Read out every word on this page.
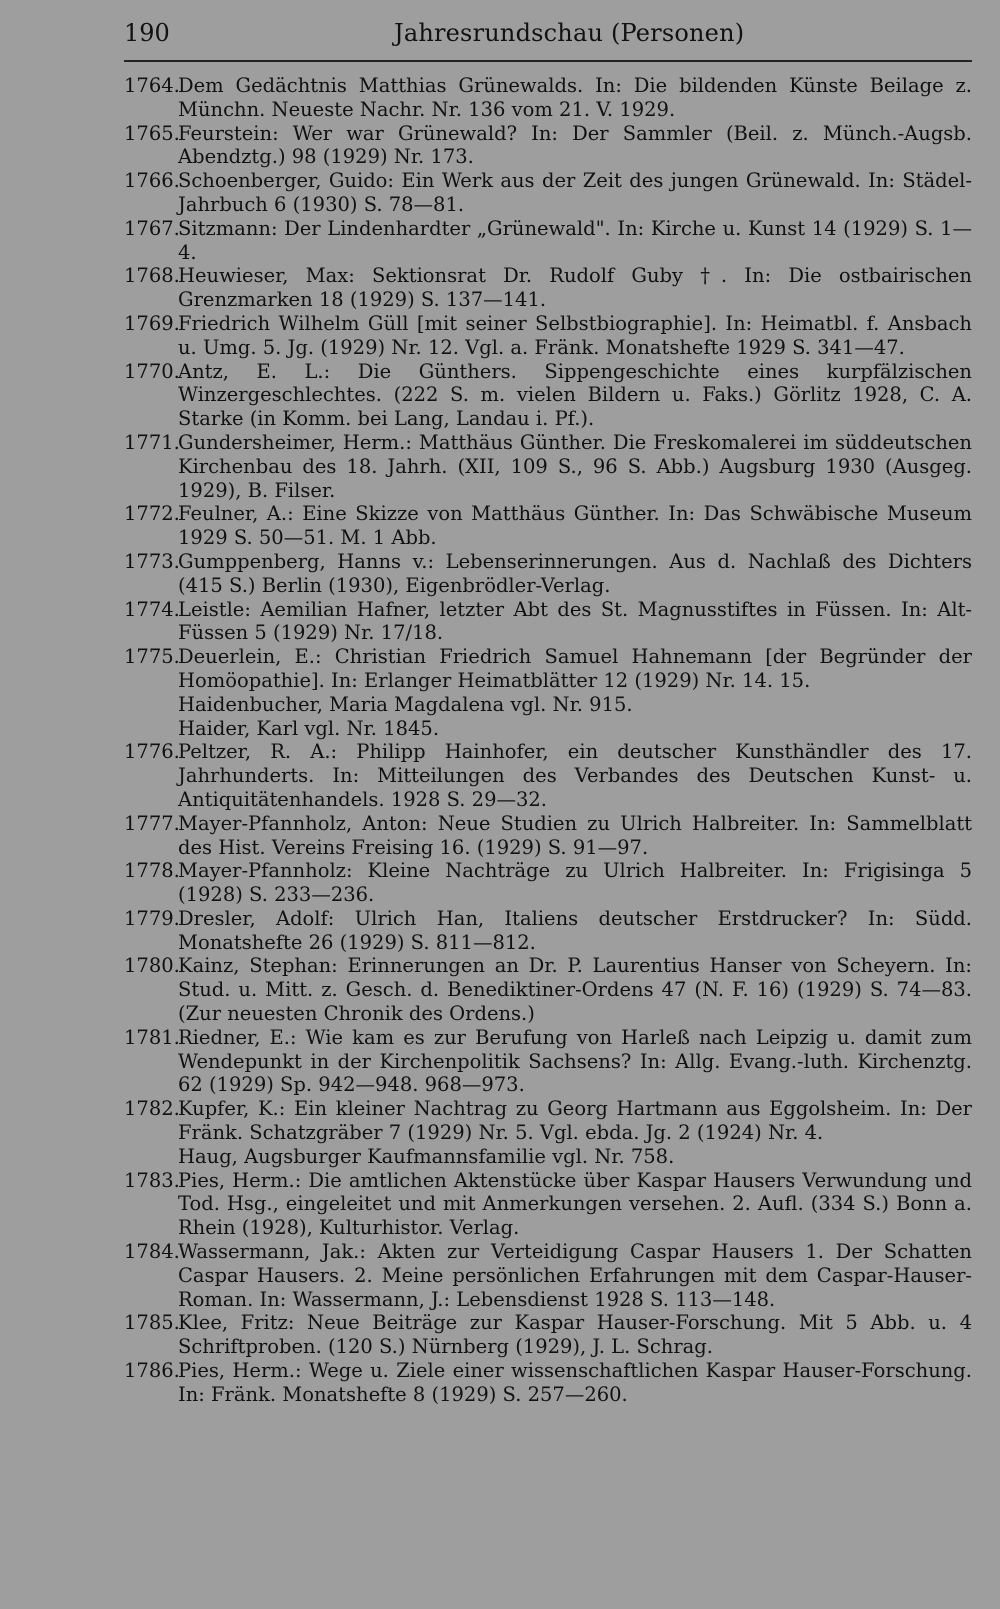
190	Jahresrundschau (Personen)
1764.
Dem Gedächtnis Matthias Grünewalds. In: Die bildenden Künste Beilage z. Münchn. Neueste Nachr. Nr. 136 vom 21. V. 1929.
1765.
Feurstein: Wer war Grünewald? In: Der Sammler (Beil. z. Münch.-Augsb. Abendztg.) 98 (1929) Nr. 173.
1766.
Schoenberger, Guido: Ein Werk aus der Zeit des jungen Grünewald. In: Städel-Jahrbuch 6 (1930) S. 78—81.
1767.
Sitzmann: Der Lindenhardter „Grünewald". In: Kirche u. Kunst 14 (1929) S. 1—4.
1768.
Heuwieser, Max: Sektionsrat Dr. Rudolf Guby †. In: Die ostbairischen Grenzmarken 18 (1929) S. 137—141.
1769.
Friedrich Wilhelm Güll [mit seiner Selbstbiographie]. In: Heimatbl. f. Ansbach u. Umg. 5. Jg. (1929) Nr. 12. Vgl. a. Fränk. Monatshefte 1929 S. 341—47.
1770.
Antz, E. L.: Die Günthers. Sippengeschichte eines kurpfälzischen Winzergeschlechtes. (222 S. m. vielen Bildern u. Faks.) Görlitz 1928, C. A. Starke (in Komm. bei Lang, Landau i. Pf.).
1771.
Gundersheimer, Herm.: Matthäus Günther. Die Freskomalerei im süddeutschen Kirchenbau des 18. Jahrh. (XII, 109 S., 96 S. Abb.) Augsburg 1930 (Ausgeg. 1929), B. Filser.
1772.
Feulner, A.: Eine Skizze von Matthäus Günther. In: Das Schwäbische Museum 1929 S. 50—51. M. 1 Abb.
1773.
Gumppenberg, Hanns v.: Lebenserinnerungen. Aus d. Nachlaß des Dichters (415 S.) Berlin (1930), Eigenbrödler-Verlag.
1774.
Leistle: Aemilian Hafner, letzter Abt des St. Magnusstiftes in Füssen. In: Alt-Füssen 5 (1929) Nr. 17/18.
1775.
Deuerlein, E.: Christian Friedrich Samuel Hahnemann [der Begründer der Homöopathie]. In: Erlanger Heimatblätter 12 (1929) Nr. 14. 15.
Haidenbucher, Maria Magdalena vgl. Nr. 915.
Haider, Karl vgl. Nr. 1845.
1776.
Peltzer, R. A.: Philipp Hainhofer, ein deutscher Kunsthändler des 17. Jahrhunderts. In: Mitteilungen des Verbandes des Deutschen Kunst- u. Antiquitätenhandels. 1928 S. 29—32.
1777.
Mayer-Pfannholz, Anton: Neue Studien zu Ulrich Halbreiter. In: Sammelblatt des Hist. Vereins Freising 16. (1929) S. 91—97.
1778.
Mayer-Pfannholz: Kleine Nachträge zu Ulrich Halbreiter. In: Frigisinga 5 (1928) S. 233—236.
1779.
Dresler, Adolf: Ulrich Han, Italiens deutscher Erstdrucker? In: Südd. Monatshefte 26 (1929) S. 811—812.
1780.
Kainz, Stephan: Erinnerungen an Dr. P. Laurentius Hanser von Scheyern. In: Stud. u. Mitt. z. Gesch. d. Benediktiner-Ordens 47 (N. F. 16) (1929) S. 74—83. (Zur neuesten Chronik des Ordens.)
1781.
Riedner, E.: Wie kam es zur Berufung von Harleß nach Leipzig u. damit zum Wendepunkt in der Kirchenpolitik Sachsens? In: Allg. Evang.-luth. Kirchenztg. 62 (1929) Sp. 942—948. 968—973.
1782.
Kupfer, K.: Ein kleiner Nachtrag zu Georg Hartmann aus Eggolsheim. In: Der Fränk. Schatzgräber 7 (1929) Nr. 5. Vgl. ebda. Jg. 2 (1924) Nr. 4.
Haug, Augsburger Kaufmannsfamilie vgl. Nr. 758.
1783.
Pies, Herm.: Die amtlichen Aktenstücke über Kaspar Hausers Verwundung und Tod. Hsg., eingeleitet und mit Anmerkungen versehen. 2. Aufl. (334 S.) Bonn a. Rhein (1928), Kulturhistor. Verlag.
1784.
Wassermann, Jak.: Akten zur Verteidigung Caspar Hausers 1. Der Schatten Caspar Hausers. 2. Meine persönlichen Erfahrungen mit dem Caspar-Hauser-Roman. In: Wassermann, J.: Lebensdienst 1928 S. 113—148.
1785.
Klee, Fritz: Neue Beiträge zur Kaspar Hauser-Forschung. Mit 5 Abb. u. 4 Schriftproben. (120 S.) Nürnberg (1929), J. L. Schrag.
1786.
Pies, Herm.: Wege u. Ziele einer wissenschaftlichen Kaspar Hauser-Forschung. In: Fränk. Monatshefte 8 (1929) S. 257—260.
